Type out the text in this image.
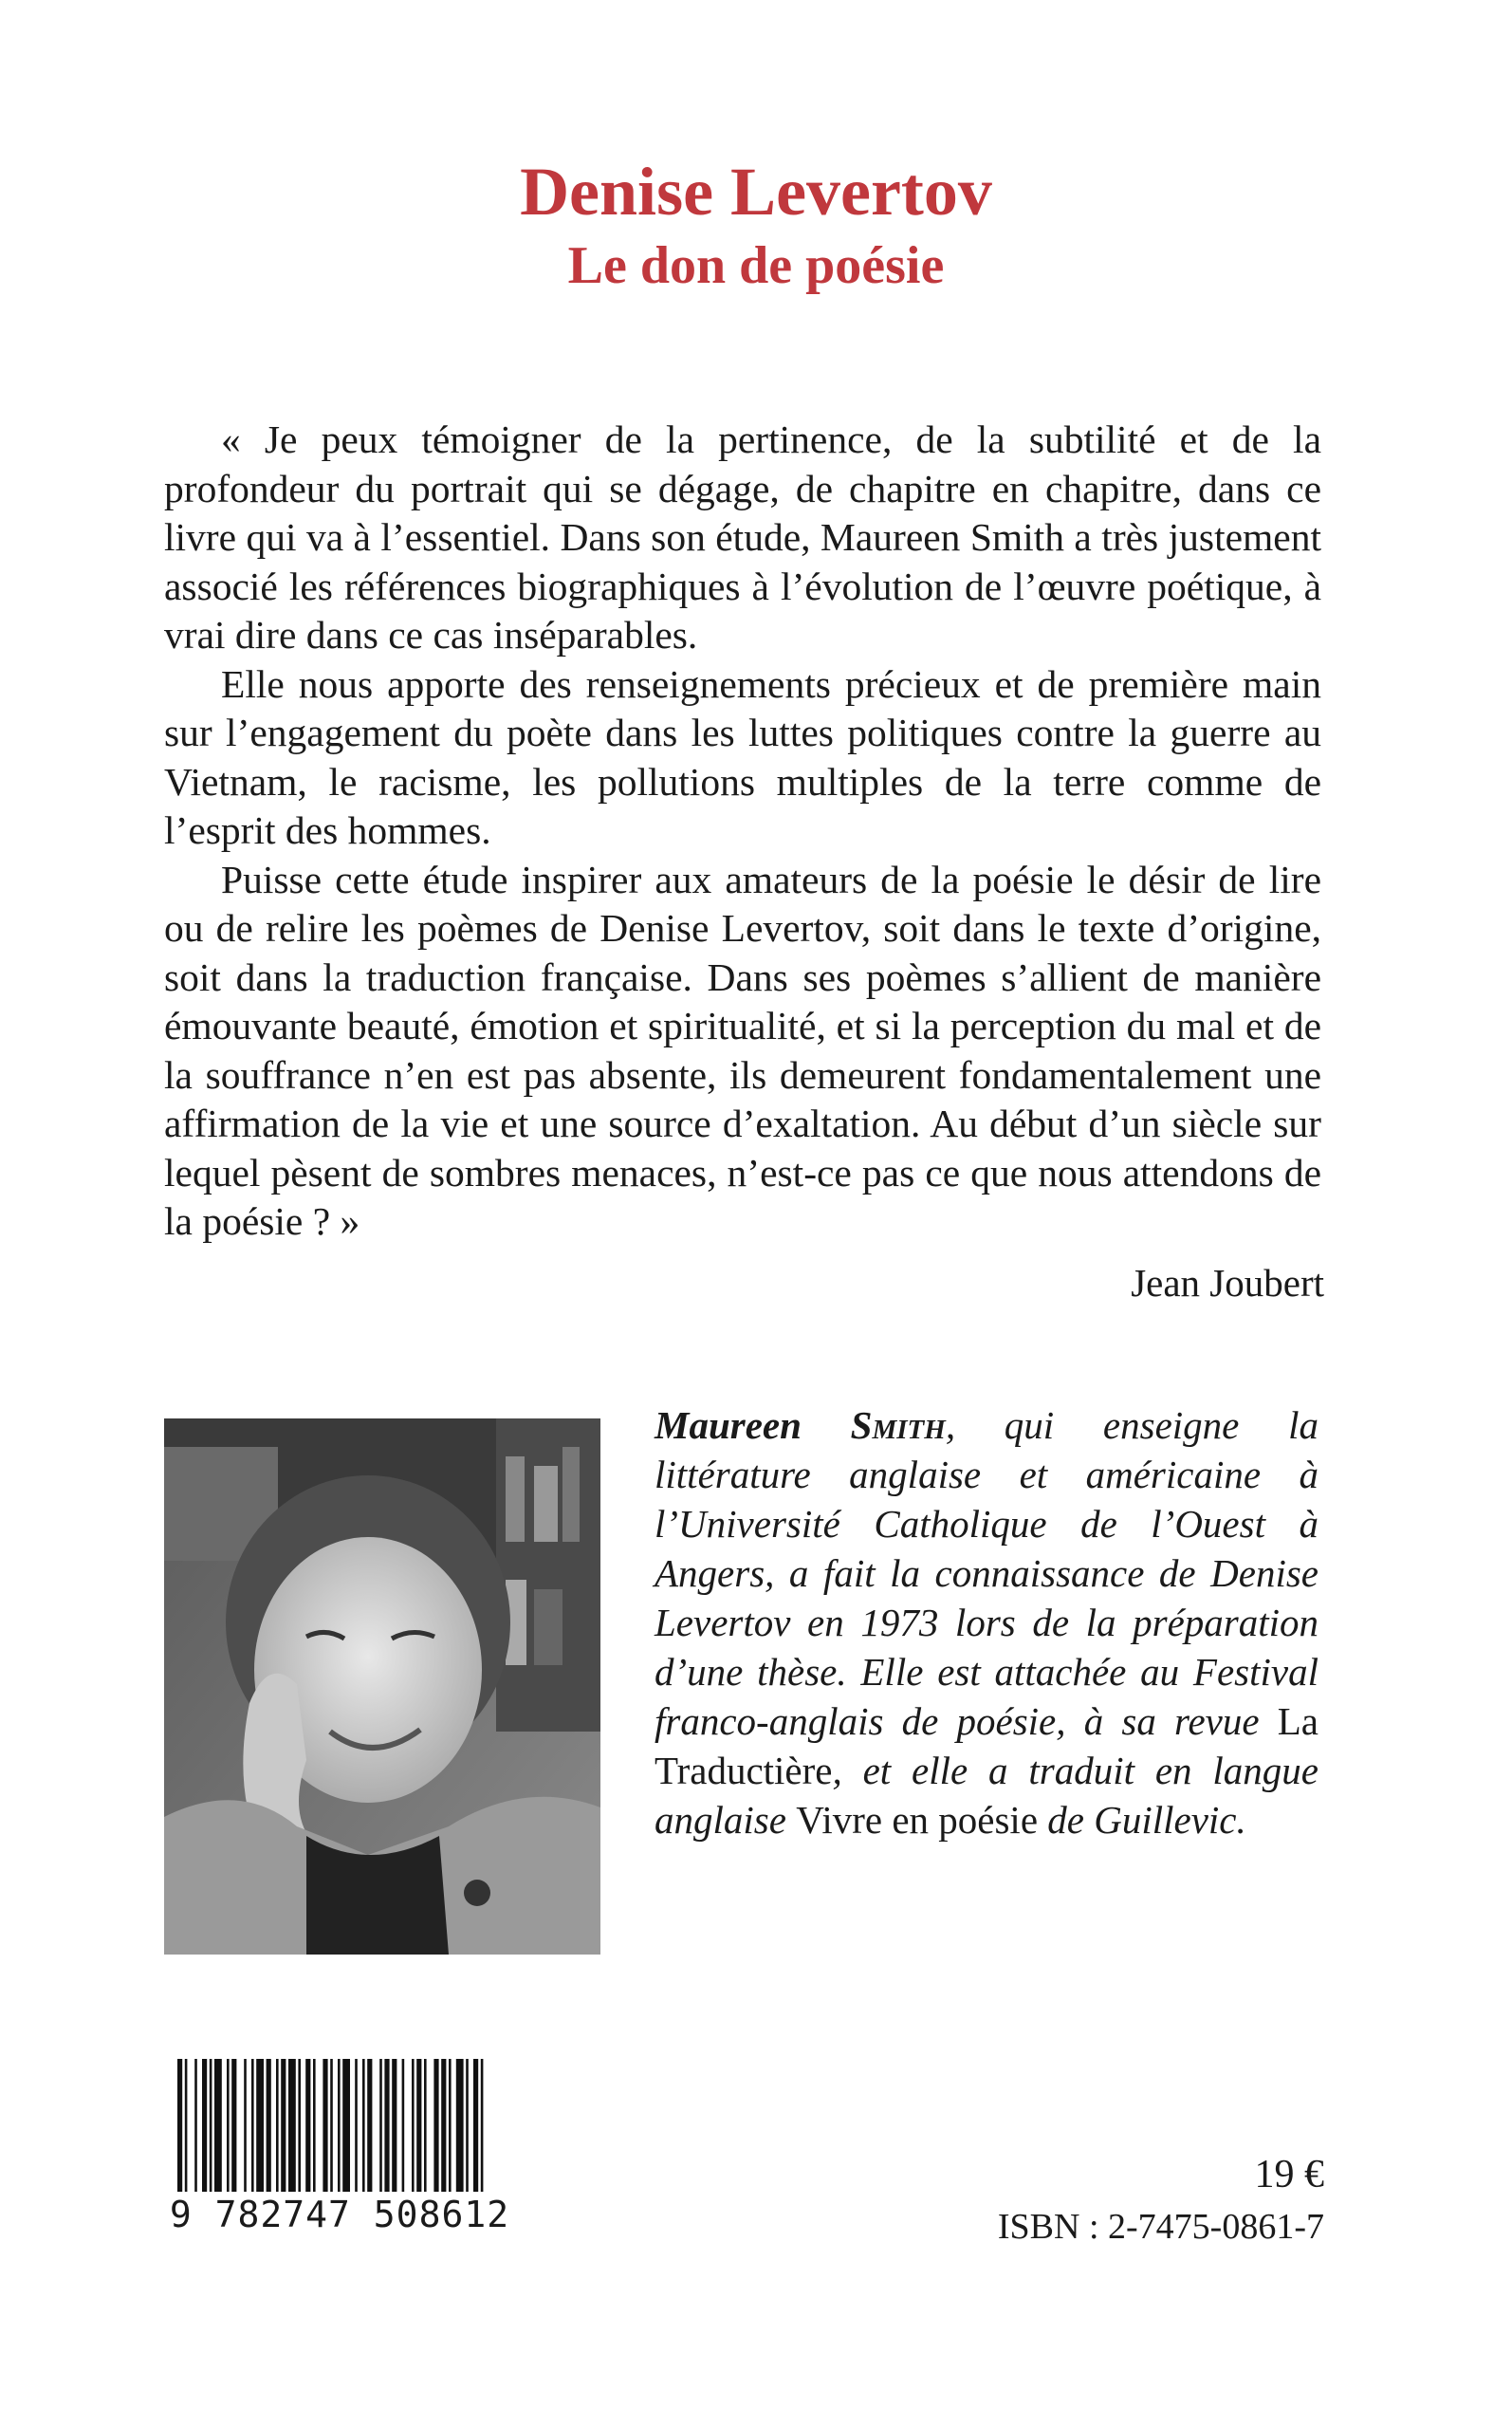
Denise Levertov
Le don de poésie

« Je peux témoigner de la pertinence, de la subtilité et de la profondeur du portrait qui se dégage, de chapitre en chapitre, dans ce livre qui va à l’essentiel. Dans son étude, Maureen Smith a très justement associé les références biographiques à l’évolution de l’œuvre poétique, à vrai dire dans ce cas inséparables.

Elle nous apporte des renseignements précieux et de première main sur l’engagement du poète dans les luttes politiques contre la guerre au Vietnam, le racisme, les pollutions multiples de la terre comme de l’esprit des hommes.

Puisse cette étude inspirer aux amateurs de la poésie le désir de lire ou de relire les poèmes de Denise Levertov, soit dans le texte d’origine, soit dans la traduction française. Dans ses poèmes s’allient de manière émouvante beauté, émotion et spiritualité, et si la perception du mal et de la souffrance n’en est pas absente, ils demeurent fondamentalement une affirmation de la vie et une source d’exaltation. Au début d’un siècle sur lequel pèsent de sombres menaces, n’est-ce pas ce que nous attendons de la poésie ? »

Jean Joubert
Maureen Smith, qui enseigne la littérature anglaise et américaine à l’Université Catholique de l’Ouest à Angers, a fait la connaissance de Denise Levertov en 1973 lors de la préparation d’une thèse. Elle est attachée au Festival franco-anglais de poésie, à sa revue La Traductière, et elle a traduit en langue anglaise Vivre en poésie de Guillevic.
9 782747 508612
19 €
ISBN : 2-7475-0861-7
